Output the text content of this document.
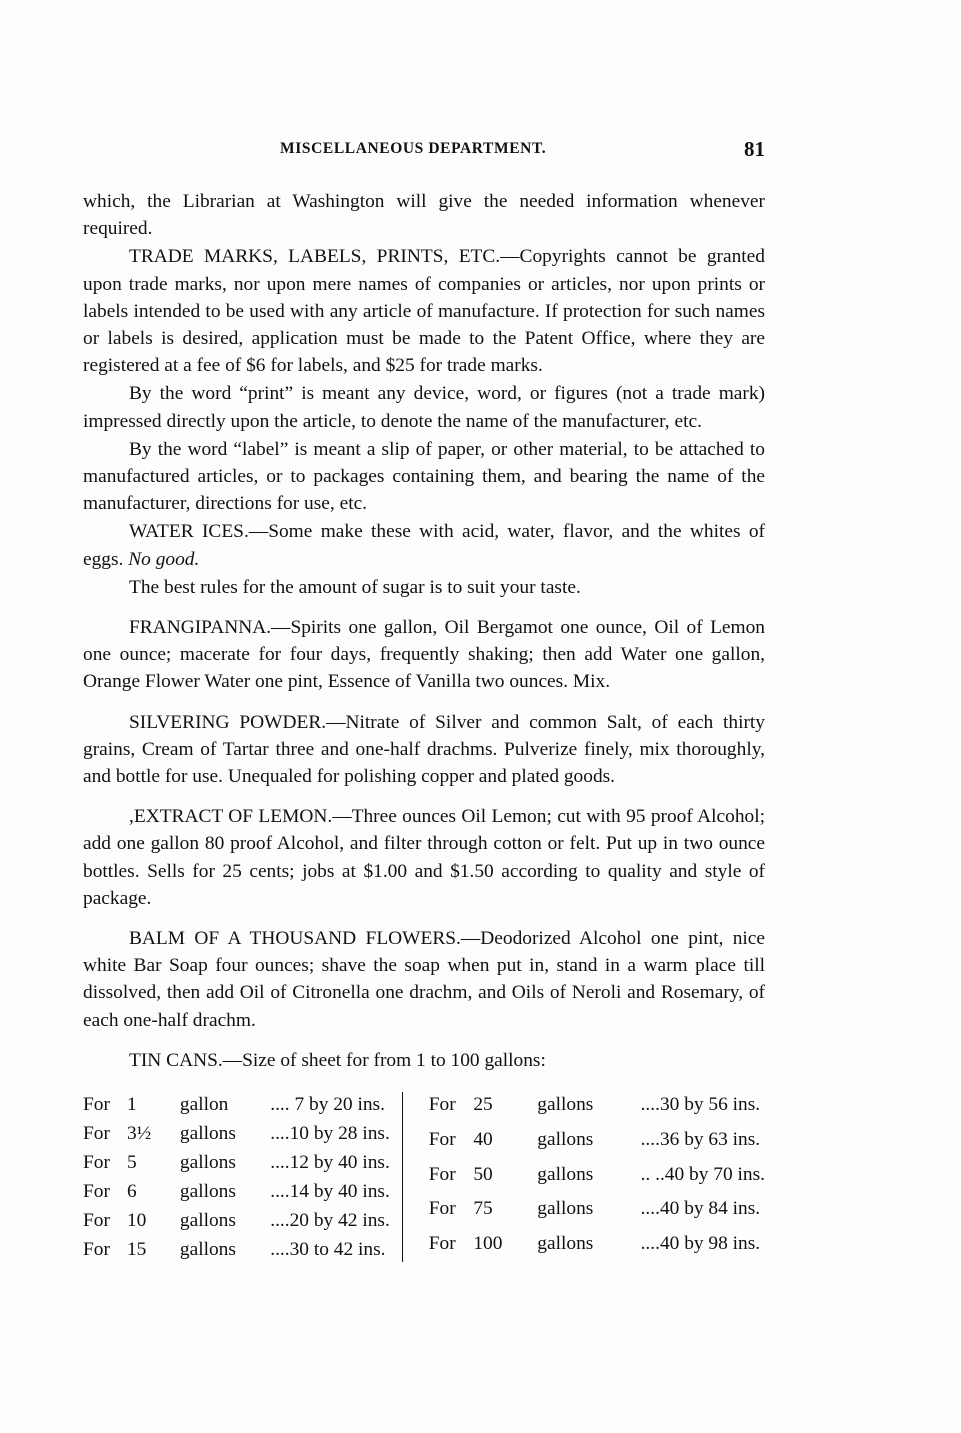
MISCELLANEOUS DEPARTMENT.	81

which, the Librarian at Washington will give the needed information whenever required.

TRADE MARKS, LABELS, PRINTS, ETC.—Copyrights cannot be granted upon trade marks, nor upon mere names of companies or articles, nor upon prints or labels intended to be used with any article of manufacture. If protection for such names or labels is desired, application must be made to the Patent Office, where they are registered at a fee of $6 for labels, and $25 for trade marks.

By the word “print” is meant any device, word, or figures (not a trade mark) impressed directly upon the article, to denote the name of the manufacturer, etc.

By the word “label” is meant a slip of paper, or other material, to be attached to manufactured articles, or to packages containing them, and bearing the name of the manufacturer, directions for use, etc.

WATER ICES.—Some make these with acid, water, flavor, and the whites of eggs. No good.

The best rules for the amount of sugar is to suit your taste.

FRANGIPANNA.—Spirits one gallon, Oil Bergamot one ounce, Oil of Lemon one ounce; macerate for four days, frequently shaking; then add Water one gallon, Orange Flower Water one pint, Essence of Vanilla two ounces. Mix.

SILVERING POWDER.—Nitrate of Silver and common Salt, of each thirty grains, Cream of Tartar three and one-half drachms. Pulverize finely, mix thoroughly, and bottle for use. Unequaled for polishing copper and plated goods.

,EXTRACT OF LEMON.—Three ounces Oil Lemon; cut with 95 proof Alcohol; add one gallon 80 proof Alcohol, and filter through cotton or felt. Put up in two ounce bottles. Sells for 25 cents; jobs at $1.00 and $1.50 according to quality and style of package.

BALM OF A THOUSAND FLOWERS.—Deodorized Alcohol one pint, nice white Bar Soap four ounces; shave the soap when put in, stand in a warm place till dissolved, then add Oil of Citronella one drachm, and Oils of Neroli and Rosemary, of each one-half drachm.

TIN CANS.—Size of sheet for from 1 to 100 gallons:

For	1	gallon	.... 7 by 20 ins.
For	3½	gallons	....10 by 28 ins.
For	5	gallons	....12 by 40 ins.
For	6	gallons	....14 by 40 ins.
For	10	gallons	....20 by 42 ins.
For	15	gallons	....30 to 42 ins.
For	25	gallons	....30 by 56 ins.
For	40	gallons	....36 by 63 ins.
For	50	gallons	.. ..40 by 70 ins.
For	75	gallons	....40 by 84 ins.
For	100	gallons	....40 by 98 ins.
